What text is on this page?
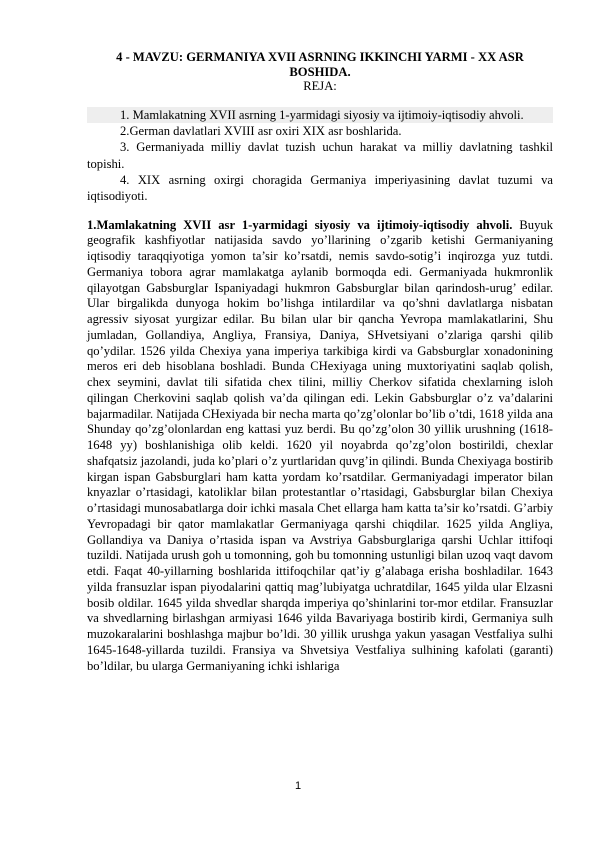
4 - MAVZU: GERMANIYA XVII ASRNING IKKINCHI YARMI - XX ASR BOSHIDA.
REJA:

1. Mamlakatning XVII asrning 1-yarmidagi siyosiy va ijtimoiy-iqtisodiy ahvoli.

2.German davlatlari XVIII asr oxiri XIX asr boshlarida.

3. Germaniyada milliy davlat tuzish uchun harakat va milliy davlatning tashkil topishi.

4. XIX asrning oxirgi choragida Germaniya imperiyasining davlat tuzumi va iqtisodiyoti.

1.Mamlakatning XVII asr 1-yarmidagi siyosiy va ijtimoiy-iqtisodiy ahvoli. Buyuk geografik kashfiyotlar natijasida savdo yo’llarining o’zgarib ketishi Germaniyaning iqtisodiy taraqqiyotiga yomon ta’sir ko’rsatdi, nemis savdo-sotig’i inqirozga yuz tutdi. Germaniya tobora agrar mamlakatga aylanib bormoqda edi. Germaniyada hukmronlik qilayotgan Gabsburglar Ispaniyadagi hukmron Gabsburglar bilan qarindosh-urug’ edilar. Ular birgalikda dunyoga hokim bo’lishga intilardilar va qo’shni davlatlarga nisbatan agressiv siyosat yurgizar edilar. Bu bilan ular bir qancha Yevropa mamlakatlarini, Shu jumladan, Gollandiya, Angliya, Fransiya, Daniya, SHvetsiyani o’zlariga qarshi qilib qo’ydilar. 1526 yilda Chexiya yana imperiya tarkibiga kirdi va Gabsburglar xonadonining meros eri deb hisoblana boshladi. Bunda CHexiyaga uning muxtoriyatini saqlab qolish, chex seymini, davlat tili sifatida chex tilini, milliy Cherkov sifatida chexlarning isloh qilingan Cherkovini saqlab qolish va’da qilingan edi. Lekin Gabsburglar o’z va’dalarini bajarmadilar. Natijada CHexiyada bir necha marta qo’zg’olonlar bo’lib o’tdi, 1618 yilda ana Shunday qo’zg’olonlardan eng kattasi yuz berdi. Bu qo’zg’olon 30 yillik urushning (1618-1648 yy) boshlanishiga olib keldi. 1620 yil noyabrda qo’zg’olon bostirildi, chexlar shafqatsiz jazolandi, juda ko’plari o’z yurtlaridan quvg’in qilindi. Bunda Chexiyaga bostirib kirgan ispan Gabsburglari ham katta yordam ko’rsatdilar. Germaniyadagi imperator bilan knyazlar o’rtasidagi, katoliklar bilan protestantlar o’rtasidagi, Gabsburglar bilan Chexiya o’rtasidagi munosabatlarga doir ichki masala Chet ellarga ham katta ta’sir ko’rsatdi. G’arbiy Yevropadagi bir qator mamlakatlar Germaniyaga qarshi chiqdilar. 1625 yilda Angliya, Gollandiya va Daniya o’rtasida ispan va Avstriya Gabsburglariga qarshi Uchlar ittifoqi tuzildi. Natijada urush goh u tomonning, goh bu tomonning ustunligi bilan uzoq vaqt davom etdi. Faqat 40-yillarning boshlarida ittifoqchilar qat’iy g’alabaga erisha boshladilar. 1643 yilda fransuzlar ispan piyodalarini qattiq mag’lubiyatga uchratdilar, 1645 yilda ular Elzasni bosib oldilar. 1645 yilda shvedlar sharqda imperiya qo’shinlarini tor-mor etdilar. Fransuzlar va shvedlarning birlashgan armiyasi 1646 yilda Bavariyaga bostirib kirdi, Germaniya sulh muzokaralarini boshlashga majbur bo’ldi. 30 yillik urushga yakun yasagan Vestfaliya sulhi 1645-1648-yillarda tuzildi. Fransiya va Shvetsiya Vestfaliya sulhining kafolati (garanti) bo’ldilar, bu ularga Germaniyaning ichki ishlariga

1
